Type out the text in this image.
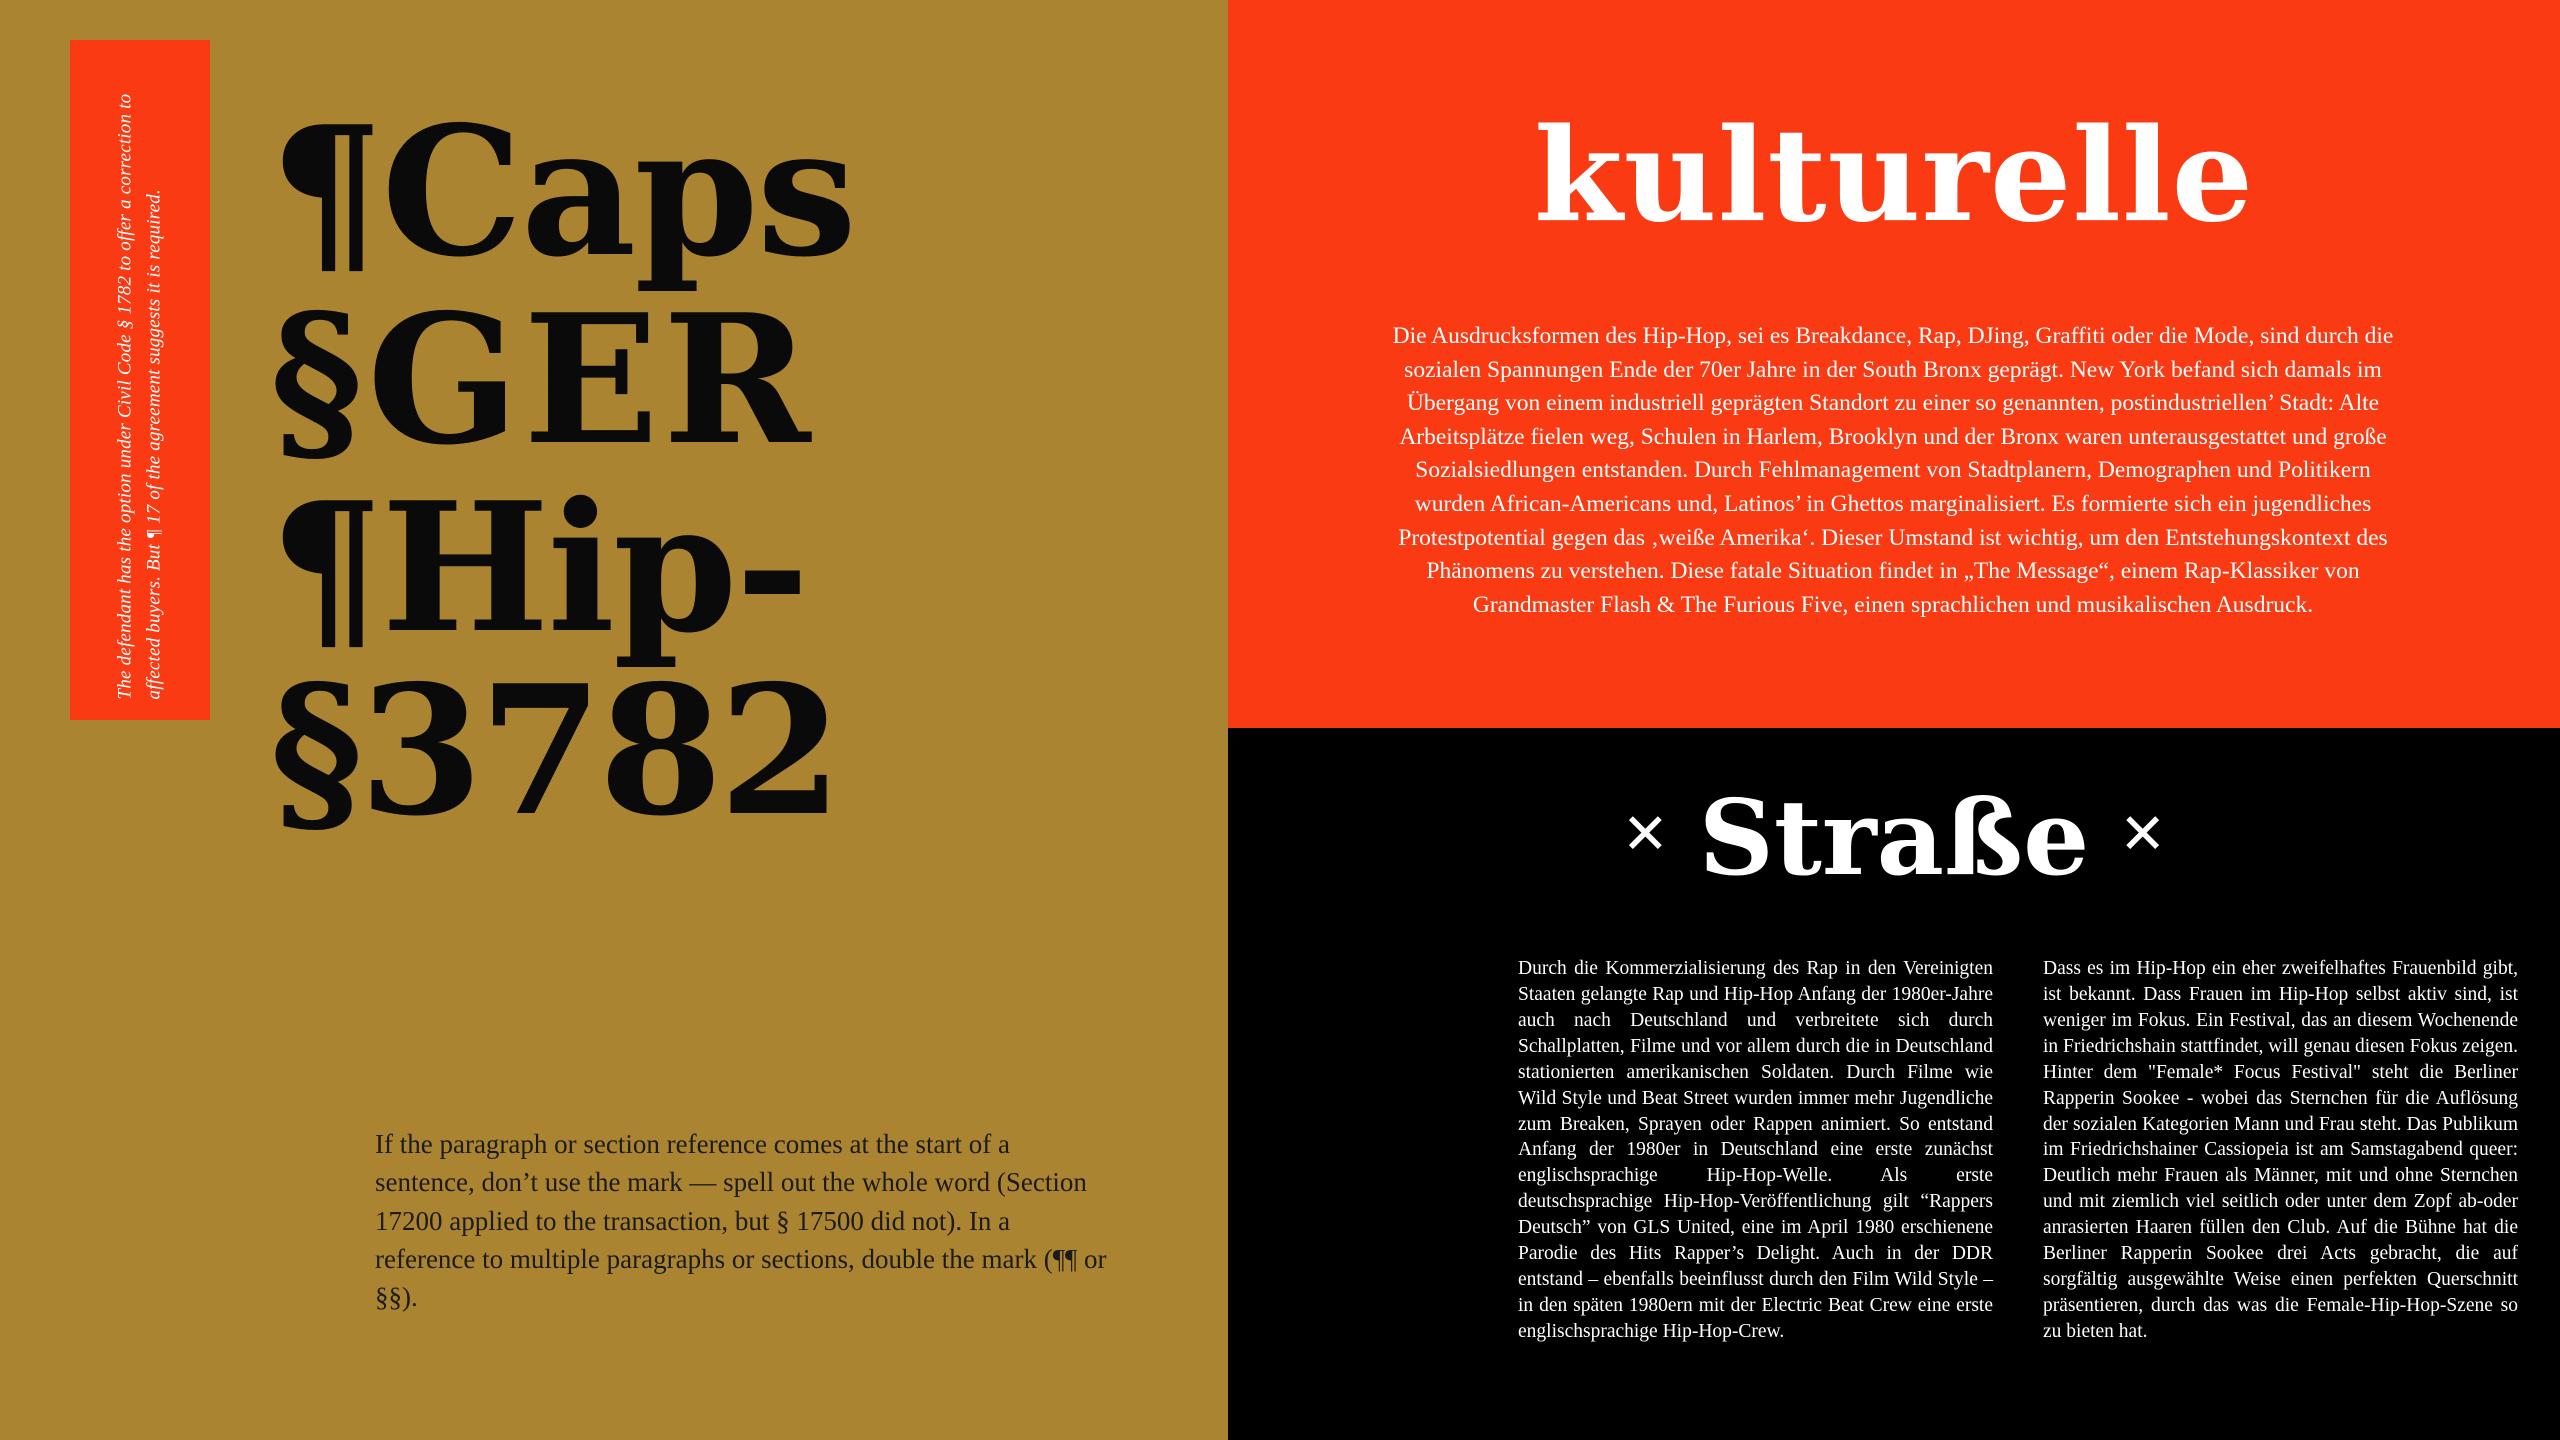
The defendant has the option under Civil Code § 1782 to offer a correction to affected buyers. But ¶ 17 of the agreement suggests it is required. ¶Caps
§GER
¶Hip-
§3782
If the paragraph or section reference comes at the start of a sentence, don’t use the mark — spell out the whole word (Section 17200 applied to the transaction, but § 17500 did not). In a reference to multiple paragraphs or sections, double the mark (¶¶ or §§).
kulturelle
Die Ausdrucksformen des Hip-Hop, sei es Breakdance, Rap, DJing, Graffiti oder die Mode, sind durch die sozialen Spannungen Ende der 70er Jahre in der South Bronx geprägt. New York befand sich damals im Übergang von einem industriell geprägten Standort zu einer so genannten, postindustriellen’ Stadt: Alte Arbeitsplätze fielen weg, Schulen in Harlem, Brooklyn und der Bronx waren unterausgestattet und große Sozialsiedlungen entstanden. Durch Fehlmanagement von Stadtplanern, Demographen und Politikern wurden African-Americans und, Latinos’ in Ghettos marginalisiert. Es formierte sich ein jugendliches Protestpotential gegen das ‚weiße Amerika‘. Dieser Umstand ist wichtig, um den Entstehungskontext des Phänomens zu verstehen. Diese fatale Situation findet in „The Message“, einem Rap-Klassiker von Grandmaster Flash & The Furious Five, einen sprachlichen und musikalischen Ausdruck.
✕ Straße ✕
Durch die Kommerzialisierung des Rap in den Vereinigten Staaten gelangte Rap und Hip-Hop Anfang der 1980er-Jahre auch nach Deutschland und verbreitete sich durch Schallplatten, Filme und vor allem durch die in Deutschland stationierten amerikanischen Soldaten. Durch Filme wie Wild Style und Beat Street wurden immer mehr Jugendliche zum Breaken, Sprayen oder Rappen animiert. So entstand Anfang der 1980er in Deutschland eine erste zunächst englischsprachige Hip-Hop-Welle. Als erste deutschsprachige Hip-Hop-Veröffentlichung gilt “Rappers Deutsch” von GLS United, eine im April 1980 erschienene Parodie des Hits Rapper’s Delight. Auch in der DDR entstand – ebenfalls beeinflusst durch den Film Wild Style – in den späten 1980ern mit der Electric Beat Crew eine erste englischsprachige Hip-Hop-Crew.
Dass es im Hip-Hop ein eher zweifelhaftes Frauenbild gibt, ist bekannt. Dass Frauen im Hip-Hop selbst aktiv sind, ist weniger im Fokus. Ein Festival, das an diesem Wochenende in Friedrichshain stattfindet, will genau diesen Fokus zeigen. Hinter dem "Female* Focus Festival" steht die Berliner Rapperin Sookee - wobei das Sternchen für die Auflösung der sozialen Kategorien Mann und Frau steht. Das Publikum im Friedrichshainer Cassiopeia ist am Samstagabend queer: Deutlich mehr Frauen als Männer, mit und ohne Sternchen und mit ziemlich viel seitlich oder unter dem Zopf ab-oder anrasierten Haaren füllen den Club. Auf die Bühne hat die Berliner Rapperin Sookee drei Acts gebracht, die auf sorgfältig ausgewählte Weise einen perfekten Querschnitt präsentieren, durch das was die Female-Hip-Hop-Szene so zu bieten hat.
